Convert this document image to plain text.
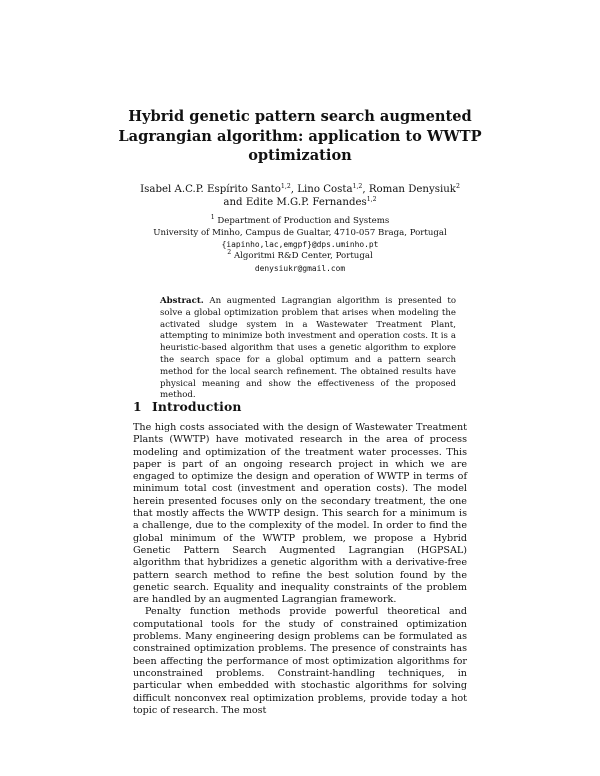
Hybrid genetic pattern search augmented Lagrangian algorithm: application to WWTP optimization
Isabel A.C.P. Espírito Santo$^{1,2}$, Lino Costa$^{1,2}$, Roman Denysiuk$^2$ and Edite M.G.P. Fernandes$^{1,2}$
$^1$ Department of Production and Systems
University of Minho, Campus de Gualtar, 4710-057 Braga, Portugal
{iapinho,lac,emgpf}@dps.uminho.pt
$^2$ Algoritmi R&D Center, Portugal
denysiukr@gmail.com
Abstract. An augmented Lagrangian algorithm is presented to solve a global optimization problem that arises when modeling the activated sludge system in a Wastewater Treatment Plant, attempting to minimize both investment and operation costs. It is a heuristic-based algorithm that uses a genetic algorithm to explore the search space for a global optimum and a pattern search method for the local search refinement. The obtained results have physical meaning and show the effectiveness of the proposed method.
1 Introduction

The high costs associated with the design of Wastewater Treatment Plants (WWTP) have motivated research in the area of process modeling and optimization of the treatment water processes. This paper is part of an ongoing research project in which we are engaged to optimize the design and operation of WWTP in terms of minimum total cost (investment and operation costs). The model herein presented focuses only on the secondary treatment, the one that mostly affects the WWTP design. This search for a minimum is a challenge, due to the complexity of the model. In order to find the global minimum of the WWTP problem, we propose a Hybrid Genetic Pattern Search Augmented Lagrangian (HGPSAL) algorithm that hybridizes a genetic algorithm with a derivative-free pattern search method to refine the best solution found by the genetic search. Equality and inequality constraints of the problem are handled by an augmented Lagrangian framework.

Penalty function methods provide powerful theoretical and computational tools for the study of constrained optimization problems. Many engineering design problems can be formulated as constrained optimization problems. The presence of constraints has been affecting the performance of most optimization algorithms for unconstrained problems. Constraint-handling techniques, in particular when embedded with stochastic algorithms for solving difficult nonconvex real optimization problems, provide today a hot topic of research. The most
